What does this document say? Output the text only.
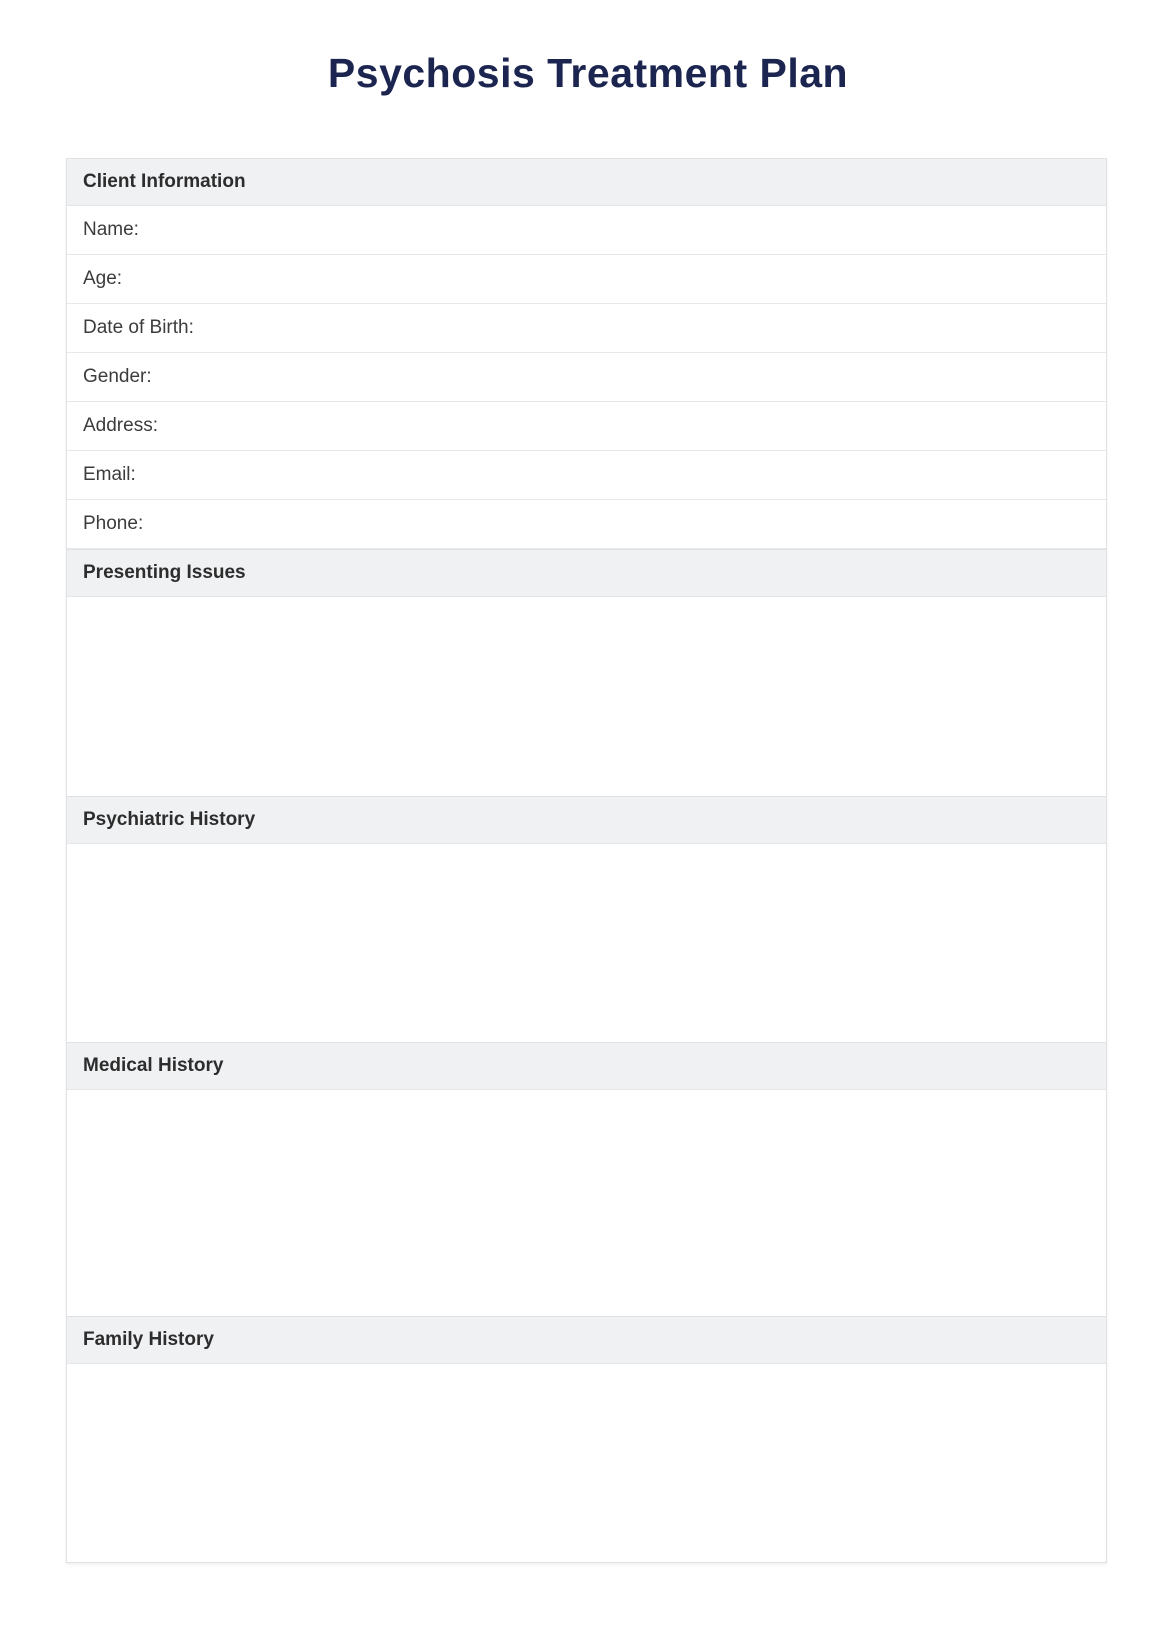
Psychosis Treatment Plan
Client Information
Name:
Age:
Date of Birth:
Gender:
Address:
Email:
Phone:
Presenting Issues
Psychiatric History
Medical History
Family History
